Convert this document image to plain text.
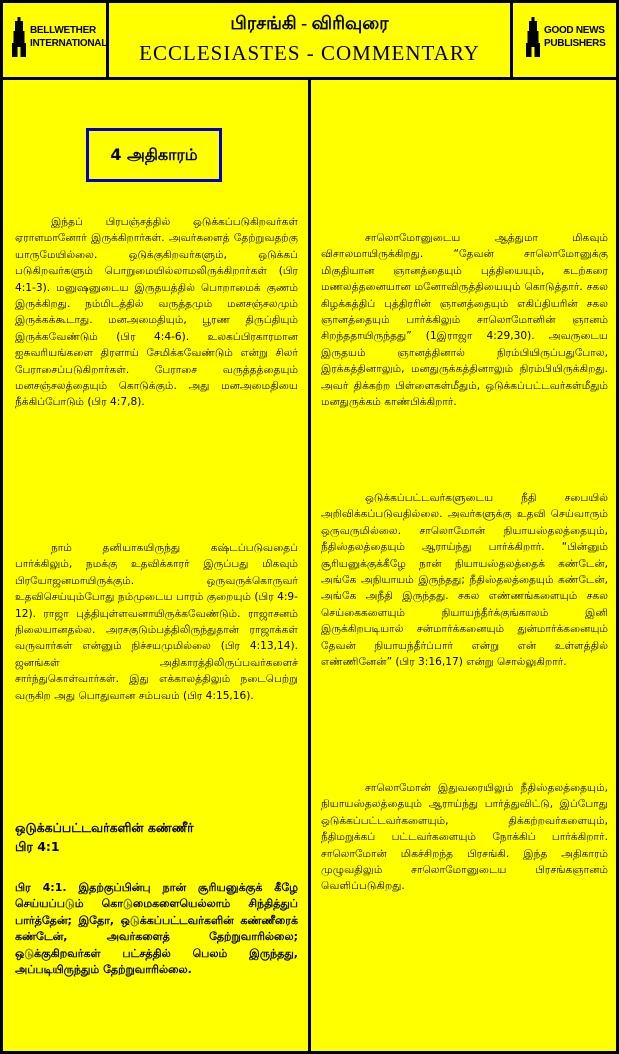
BELLWETHER
INTERNATIONAL
பிரசங்கி - விரிவுரை
ECCLESIASTES - COMMENTARY
GOOD NEWS
PUBLISHERS
4 அதிகாரம்

இந்தப் பிரபஞ்சத்தில் ஒடுக்கப்படுகிறவர்கள் ஏராளமானோர் இருக்கிறார்கள். அவர்களைத் தேற்றுவதற்கு யாருமேயில்லை. ஒடுக்குகிறவர்களும், ஒடுக்கப் படுகிறவர்களும் பொறுமையில்லாமலிருக்கிறார்கள் (பிர 4:1-3). மனுஷனுடைய இருதயத்தில் பொறாமைக் குணம் இருக்கிறது. நம்மிடத்தில் வருத்தமும் மனசஞ்சலமும் இருக்கக்கூடாது. மனஅமைதியும், பூரண திருப்தியும் இருக்கவேண்டும் (பிர 4:4-6). உலகப்பிரகாரமான ஐசுவரியங்களை திரளாய் சேமிக்கவேண்டும் என்று சிலர் பேராசைப்படுகிறார்கள். பேராசை வருத்தத்தையும் மனசஞ்சலத்தையும் கொடுக்கும். அது மனஅமைதியை நீக்கிப்போடும் (பிர 4:7,8).

நாம் தனியாகயிருந்து கஷ்டப்படுவதைப் பார்க்கிலும், நமக்கு உதவிக்காரர் இருப்பது மிகவும் பிரயோஜனமாயிருக்கும். ஒருவருக்கொருவர் உதவிசெய்யும்போது நம்முடைய பாரம் குறையும் (பிர 4:9-12). ராஜா புத்தியுள்ளவனாயிருக்கவேண்டும். ராஜாசனம் நிலையானதல்ல. அரசகுடும்பத்திலிருந்துதான் ராஜாக்கள் வருவார்கள் என்னும் நிச்சயமுமில்லை (பிர 4:13,14). ஜனங்கள் அதிகாரத்திலிருப்பவர்களைச் சார்ந்துகொள்வார்கள். இது எக்காலத்திலும் நடைபெற்று வருகிற அது பொதுவான சம்பவம் (பிர 4:15,16).

ஒடுக்கப்பட்டவர்களின் கண்ணீர்
பிர 4:1

பிர 4:1. இதற்குப்பின்பு நான் சூரியனுக்குக் கீழே செய்யப்படும் கொடுமைகளையெல்லாம் சிந்தித்துப் பார்த்தேன்; இதோ, ஒடுக்கப்பட்டவர்களின் கண்ணீரைக் கண்டேன், அவர்களைத் தேற்றுவாரில்லை; ஒடுக்குகிறவர்கள் பட்சத்தில் பெலம் இருந்தது, அப்படியிருந்தும் தேற்றுவாரில்லை.

சாலொமோனுடைய ஆத்துமா மிகவும் விசாலமாயிருக்கிறது. “தேவன் சாலொமோனுக்கு மிகுதியான ஞானத்தையும் புத்தியையும், கடற்கரை மணலத்தனையான மனோவிருத்தியையும் கொடுத்தார். சகல கிழக்கத்திப் புத்திரரின் ஞானத்தையும் எகிப்தியரின் சகல ஞானத்தையும் பார்க்கிலும் சாலொமோனின் ஞானம் சிறந்ததாயிருந்தது” (1இராஜா 4:29,30). அவருடைய இருதயம் ஞானத்தினால் நிரம்பியிருப்பதுபோல, இரக்கத்தினாலும், மனதுருக்கத்தினாலும் நிரம்பியிருக்கிறது. அவர் திக்கற்ற பிள்ளைகள்மீதும், ஒடுக்கப்பட்டவர்கள்மீதும் மனதுருக்கம் காண்பிக்கிறார்.

ஒடுக்கப்பட்டவர்களுடைய நீதி சபையில் அறிவிக்கப்படுவதில்லை. அவர்களுக்கு உதவி செய்வாரும் ஒருவருமில்லை. சாலொமோன் நியாயஸ்தலத்தையும், நீதிஸ்தலத்தையும் ஆராய்ந்து பார்க்கிறார். “பின்னும் சூரியனுக்குக்கீழே நான் நியாயஸ்தலத்தைக் கண்டேன், அங்கே அநியாயம் இருந்தது; நீதிஸ்தலத்தையும் கண்டேன், அங்கே அநீதி இருந்தது. சகல எண்ணங்களையும் சகல செய்கைகளையும் நியாயந்தீர்க்குங்காலம் இனி இருக்கிறபடியால் சன்மார்க்கனையும் துன்மார்க்கனையும் தேவன் நியாயந்தீர்ப்பார் என்று என் உள்ளத்தில் எண்ணினேன்” (பிர 3:16,17) என்று சொல்லுகிறார்.

சாலொமோன் இதுவரையிலும் நீதிஸ்தலத்தையும், நியாயஸ்தலத்தையும் ஆராய்ந்து பார்த்துவிட்டு, இப்போது ஒடுக்கப்பட்டவர்களையும், திக்கற்றவர்களையும், நீதிமறுக்கப் பட்டவர்களையும் நோக்கிப் பார்க்கிறார். சாலொமோன் மிகச்சிறந்த பிரசங்கி. இந்த அதிகாரம் முழுவதிலும் சாலொமோனுடைய பிரசங்கஞானம் வெளிப்படுகிறது.
